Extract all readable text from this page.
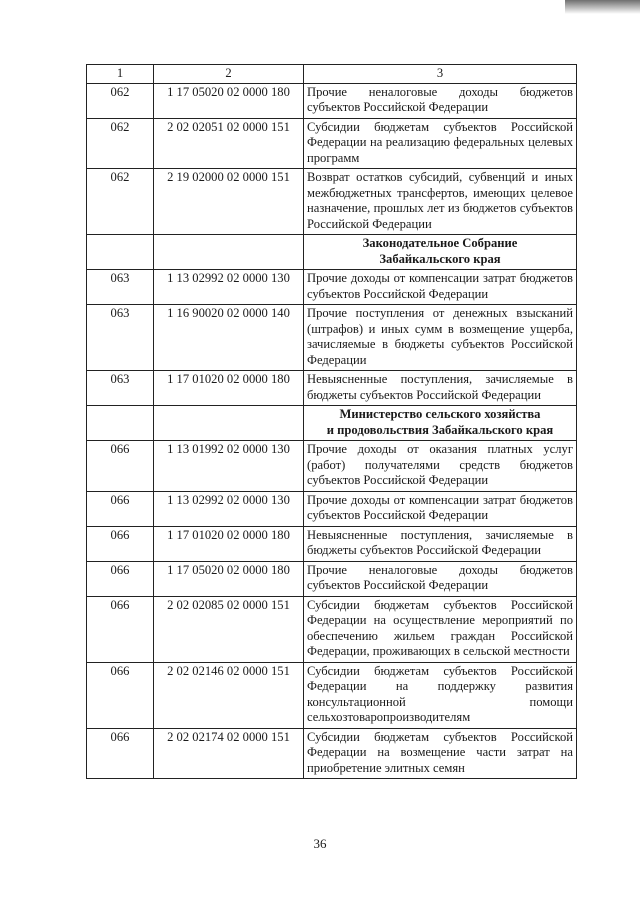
1	2	3
062	1 17 05020 02 0000 180	Прочие неналоговые доходы бюджетов субъектов Российской Федерации
062	2 02 02051 02 0000 151	Субсидии бюджетам субъектов Российской Федерации на реализацию федеральных целевых программ
062	2 19 02000 02 0000 151	Возврат остатков субсидий, субвенций и иных межбюджетных трансфертов, имеющих целевое назначение, прошлых лет из бюджетов субъектов Российской Федерации

		Законодательное Собрание
Забайкальского края

063	1 13 02992 02 0000 130	Прочие доходы от компенсации затрат бюджетов субъектов Российской Федерации
063	1 16 90020 02 0000 140	Прочие поступления от денежных взысканий (штрафов) и иных сумм в возмещение ущерба, зачисляемые в бюджеты субъектов Российской Федерации
063	1 17 01020 02 0000 180	Невыясненные поступления, зачисляемые в бюджеты субъектов Российской Федерации

		Министерство сельского хозяйства
и продовольствия Забайкальского края

066	1 13 01992 02 0000 130	Прочие доходы от оказания платных услуг (работ) получателями средств бюджетов субъектов Российской Федерации
066	1 13 02992 02 0000 130	Прочие доходы от компенсации затрат бюджетов субъектов Российской Федерации
066	1 17 01020 02 0000 180	Невыясненные поступления, зачисляемые в бюджеты субъектов Российской Федерации
066	1 17 05020 02 0000 180	Прочие неналоговые доходы бюджетов субъектов Российской Федерации
066	2 02 02085 02 0000 151	Субсидии бюджетам субъектов Российской Федерации на осуществление мероприятий по обеспечению жильем граждан Российской Федерации, проживающих в сельской местности
066	2 02 02146 02 0000 151	Субсидии бюджетам субъектов Российской Федерации на поддержку развития консультационной помощи сельхозтоваропроизводителям
066	2 02 02174 02 0000 151	Субсидии бюджетам субъектов Российской Федерации на возмещение части затрат на приобретение элитных семян
36
